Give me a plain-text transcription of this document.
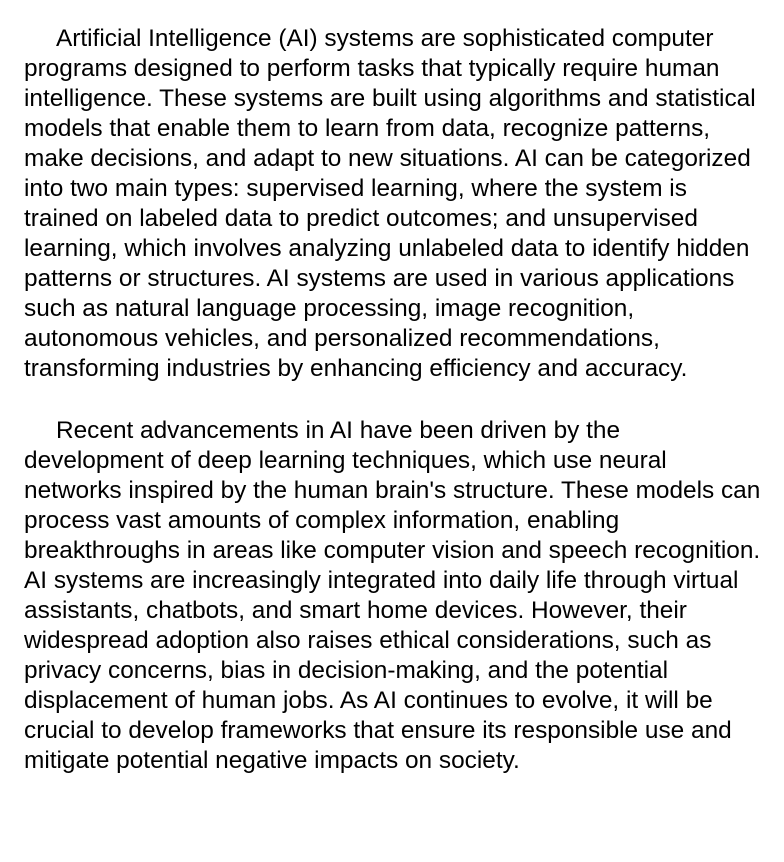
Artificial Intelligence (AI) systems are sophisticated computer programs designed to perform tasks that typically require human intelligence. These systems are built using algorithms and statistical models that enable them to learn from data, recognize patterns, make decisions, and adapt to new situations. AI can be categorized into two main types: supervised learning, where the system is trained on labeled data to predict outcomes; and unsupervised learning, which involves analyzing unlabeled data to identify hidden patterns or structures. AI systems are used in various applications such as natural language processing, image recognition, autonomous vehicles, and personalized recommendations, transforming industries by enhancing efficiency and accuracy.

Recent advancements in AI have been driven by the development of deep learning techniques, which use neural networks inspired by the human brain's structure. These models can process vast amounts of complex information, enabling breakthroughs in areas like computer vision and speech recognition. AI systems are increasingly integrated into daily life through virtual assistants, chatbots, and smart home devices. However, their widespread adoption also raises ethical considerations, such as privacy concerns, bias in decision-making, and the potential displacement of human jobs. As AI continues to evolve, it will be crucial to develop frameworks that ensure its responsible use and mitigate potential negative impacts on society.
